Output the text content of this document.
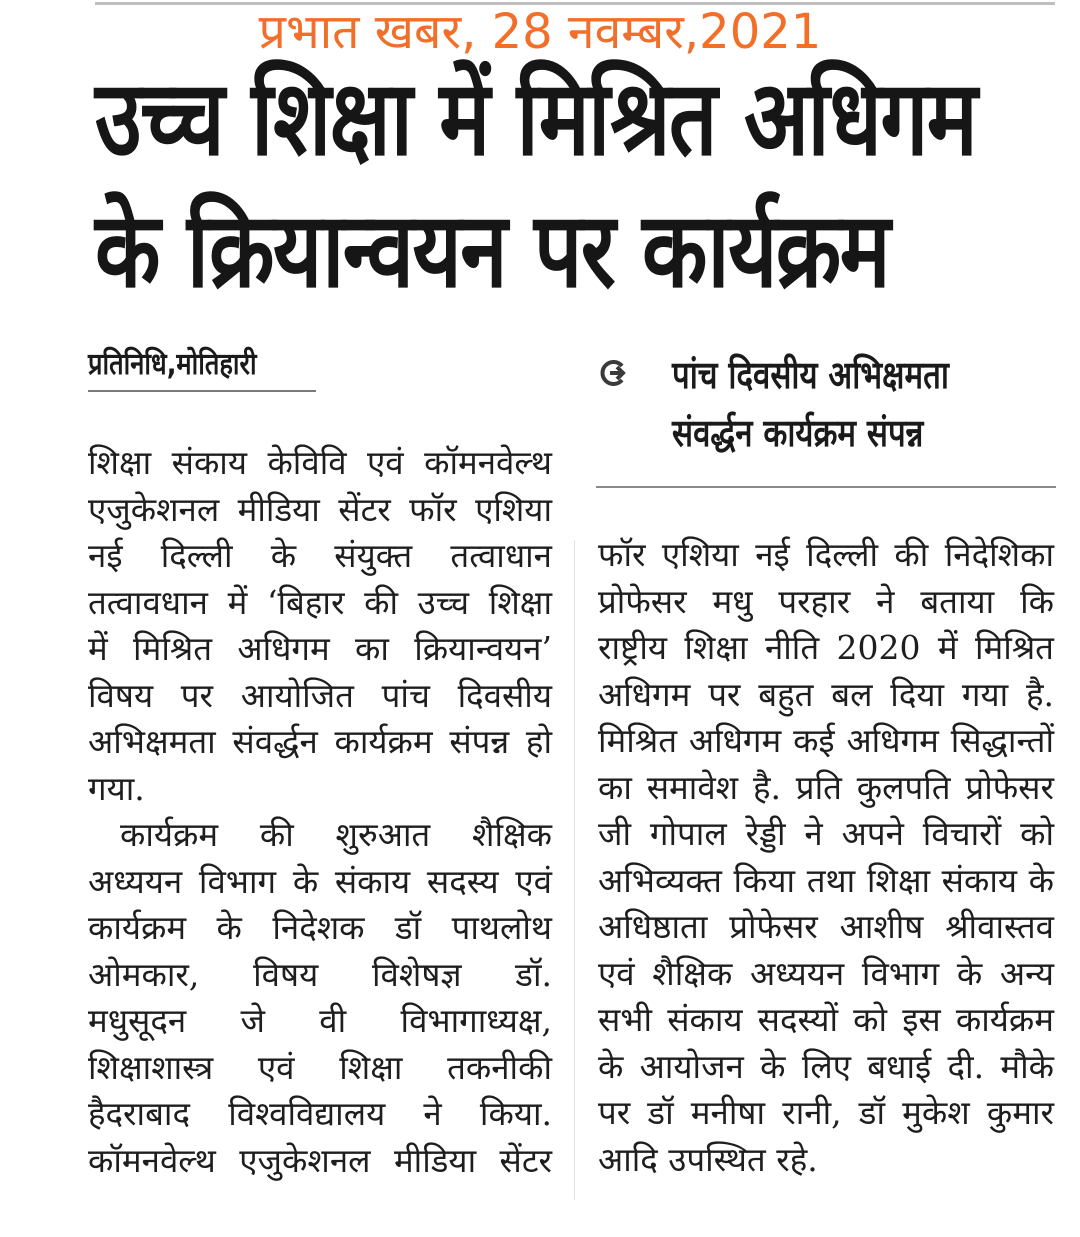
प्रभात खबर, 28 नवम्बर,2021
उच्च शिक्षा में मिश्रित अधिगम
के क्रियान्वयन पर कार्यक्रम
प्रतिनिधि,मोतिहारी	पांच दिवसीय अभिक्षमता
संवर्द्धन कार्यक्रम संपन्न
शिक्षा संकाय केविवि एवं कॉमनवेल्थ
एजुकेशनल मीडिया सेंटर फॉर एशिया
नई दिल्ली के संयुक्त तत्वाधान
तत्वावधान में ‘बिहार की उच्च शिक्षा
में मिश्रित अधिगम का क्रियान्वयन’
विषय पर आयोजित पांच दिवसीय
अभिक्षमता संवर्द्धन कार्यक्रम संपन्न हो
गया.
कार्यक्रम की शुरुआत शैक्षिक
अध्ययन विभाग के संकाय सदस्य एवं
कार्यक्रम के निदेशक डॉ पाथलोथ
ओमकार, विषय विशेषज्ञ डॉ.
मधुसूदन जे वी विभागाध्यक्ष,
शिक्षाशास्त्र एवं शिक्षा तकनीकी
हैदराबाद विश्वविद्यालय ने किया.
कॉमनवेल्थ एजुकेशनल मीडिया सेंटर
फॉर एशिया नई दिल्ली की निदेशिका
प्रोफेसर मधु परहार ने बताया कि
राष्ट्रीय शिक्षा नीति 2020 में मिश्रित
अधिगम पर बहुत बल दिया गया है.
मिश्रित अधिगम कई अधिगम सिद्धान्तों
का समावेश है. प्रति कुलपति प्रोफेसर
जी गोपाल रेड्डी ने अपने विचारों को
अभिव्यक्त किया तथा शिक्षा संकाय के
अधिष्ठाता प्रोफेसर आशीष श्रीवास्तव
एवं शैक्षिक अध्ययन विभाग के अन्य
सभी संकाय सदस्यों को इस कार्यक्रम
के आयोजन के लिए बधाई दी. मौके
पर डॉ मनीषा रानी, डॉ मुकेश कुमार
आदि उपस्थित रहे.
